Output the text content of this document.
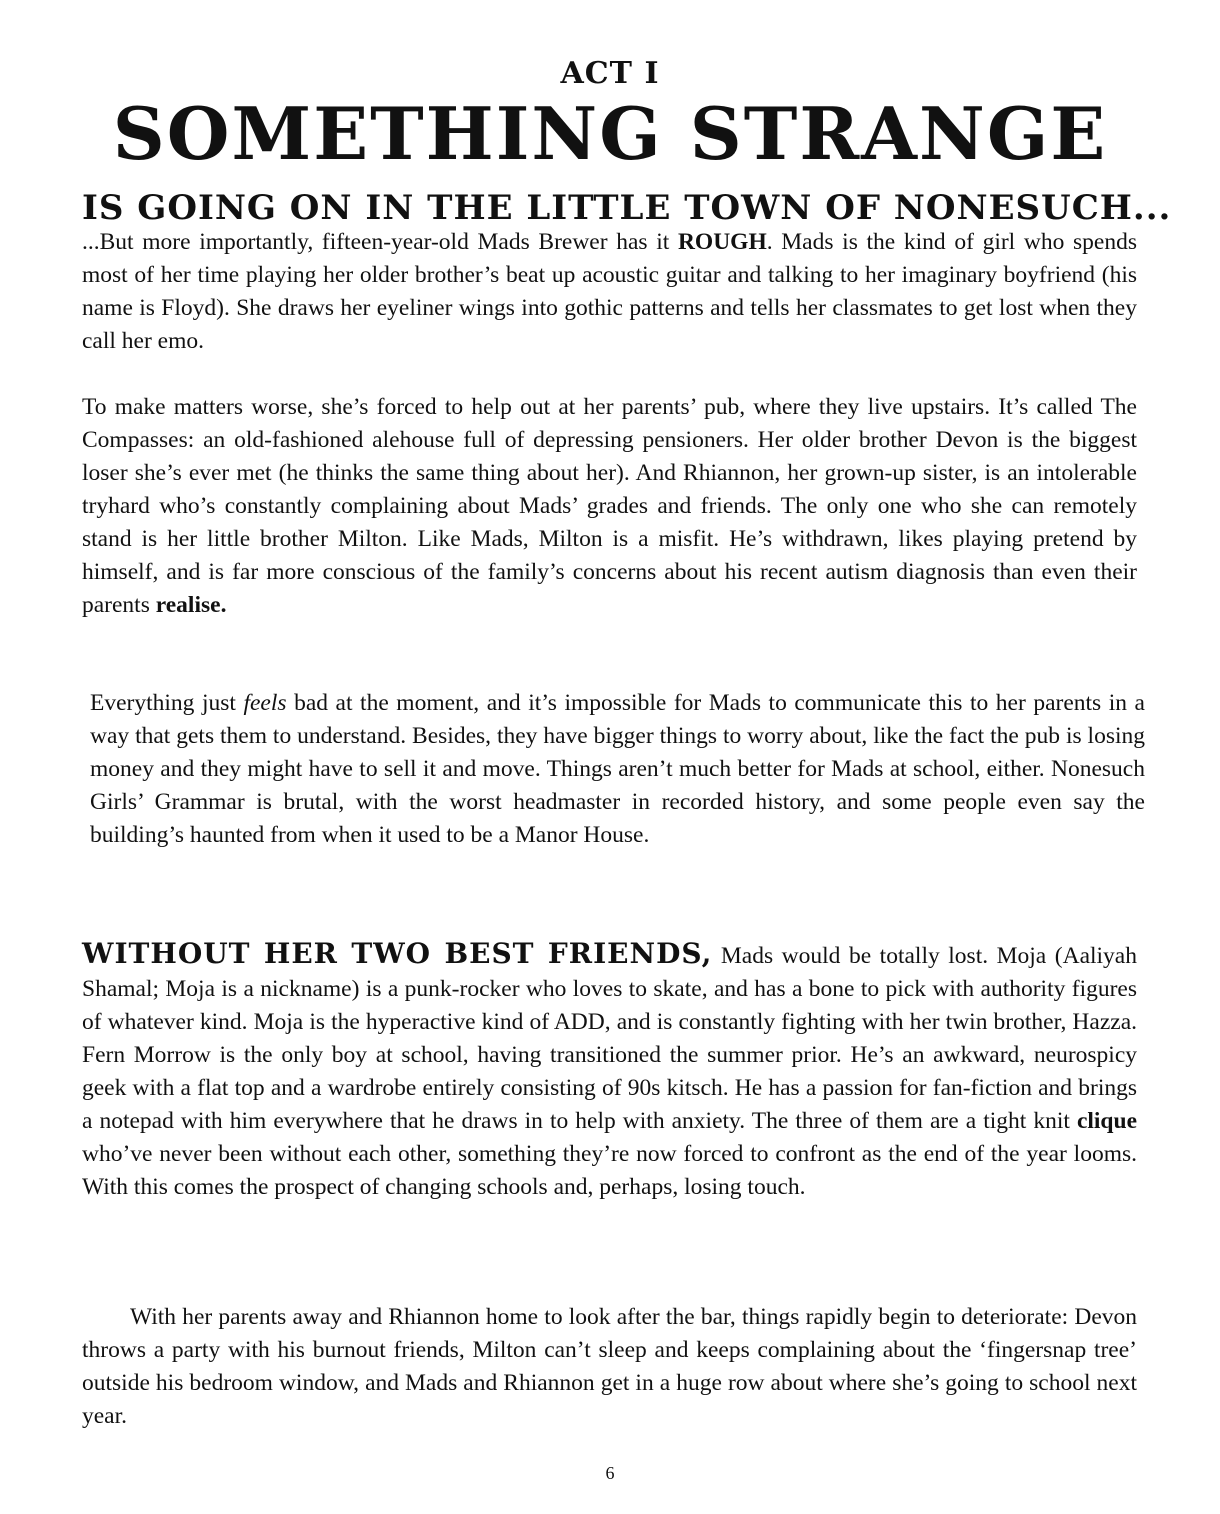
ACT I
SOMETHING STRANGE
IS GOING ON IN THE LITTLE TOWN OF NONESUCH...
...But more importantly, fifteen-year-old Mads Brewer has it ROUGH. Mads is the kind of girl who spends most of her time playing her older brother’s beat up acoustic guitar and talking to her imaginary boyfriend (his name is Floyd). She draws her eyeliner wings into gothic patterns and tells her classmates to get lost when they call her emo.
To make matters worse, she’s forced to help out at her parents’ pub, where they live upstairs. It’s called The Compasses: an old-fashioned alehouse full of depressing pensioners. Her older brother Devon is the biggest loser she’s ever met (he thinks the same thing about her). And Rhiannon, her grown-up sister, is an intolerable tryhard who’s constantly complaining about Mads’ grades and friends. The only one who she can remotely stand is her little brother Milton. Like Mads, Milton is a misfit. He’s withdrawn, likes playing pretend by himself, and is far more conscious of the family’s concerns about his recent autism diagnosis than even their parents realise.
Everything just feels bad at the moment, and it’s impossible for Mads to communicate this to her parents in a way that gets them to understand. Besides, they have bigger things to worry about, like the fact the pub is losing money and they might have to sell it and move. Things aren’t much better for Mads at school, either. Nonesuch Girls’ Grammar is brutal, with the worst headmaster in recorded history, and some people even say the building’s haunted from when it used to be a Manor House.
WITHOUT HER TWO BEST FRIENDS, Mads would be totally lost. Moja (Aaliyah Shamal; Moja is a nickname) is a punk-rocker who loves to skate, and has a bone to pick with authority figures of whatever kind. Moja is the hyperactive kind of ADD, and is constantly fighting with her twin brother, Hazza. Fern Morrow is the only boy at school, having transitioned the summer prior. He’s an awkward, neurospicy geek with a flat top and a wardrobe entirely consisting of 90s kitsch. He has a passion for fan-fiction and brings a notepad with him everywhere that he draws in to help with anxiety. The three of them are a tight knit clique who’ve never been without each other, something they’re now forced to confront as the end of the year looms. With this comes the prospect of changing schools and, perhaps, losing touch.
With her parents away and Rhiannon home to look after the bar, things rapidly begin to deteriorate: Devon throws a party with his burnout friends, Milton can’t sleep and keeps complaining about the ‘fingersnap tree’ outside his bedroom window, and Mads and Rhiannon get in a huge row about where she’s going to school next year.
6
